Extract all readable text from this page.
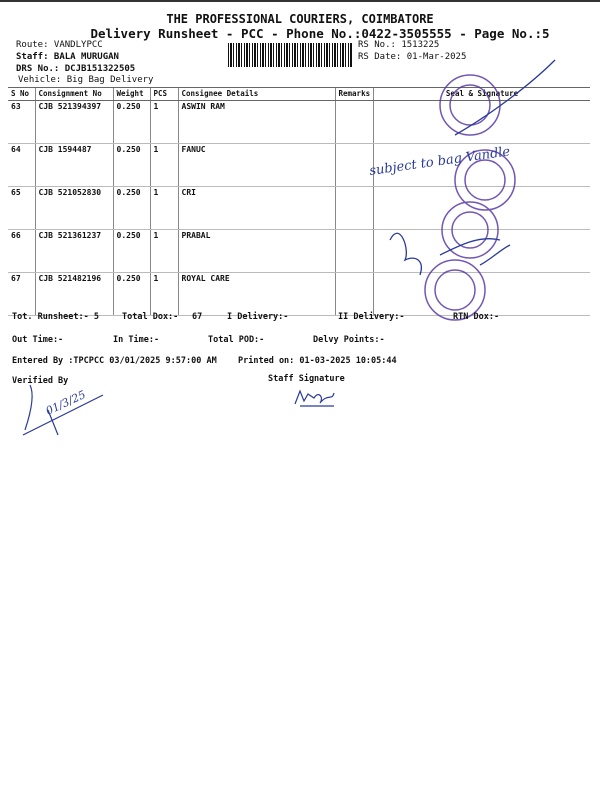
THE PROFESSIONAL COURIERS, COIMBATORE
Delivery Runsheet - PCC - Phone No.:0422-3505555 - Page No.:5
Route: VANDLYPCC
Staff: BALA MURUGAN
DRS No.: DCJB151322505
Vehicle: Big Bag Delivery
RS No.: 1513225
RS Date: 01-Mar-2025
S No	Consignment No	Weight	PCS	Consignee Details	Remarks	Seal & Signature
63	CJB 521394397	0.250	1	ASWIN RAM		
64	CJB 1594487	0.250	1	FANUC		
65	CJB 521052830	0.250	1	CRI		
66	CJB 521361237	0.250	1	PRABAL		
67	CJB 521482196	0.250	1	ROYAL CARE		
subject to bag Vandle
Tot. Runsheet:- 5	Total Dox:- 67	I Delivery:-	II Delivery:-	RTN Dox:-
Out Time:-	In Time:-	Total POD:-	Delvy Points:-
Entered By :TPCPCC 03/01/2025 9:57:00 AM	Printed on: 01-03-2025 10:05:44
Verified By	Staff Signature
01/3/25
